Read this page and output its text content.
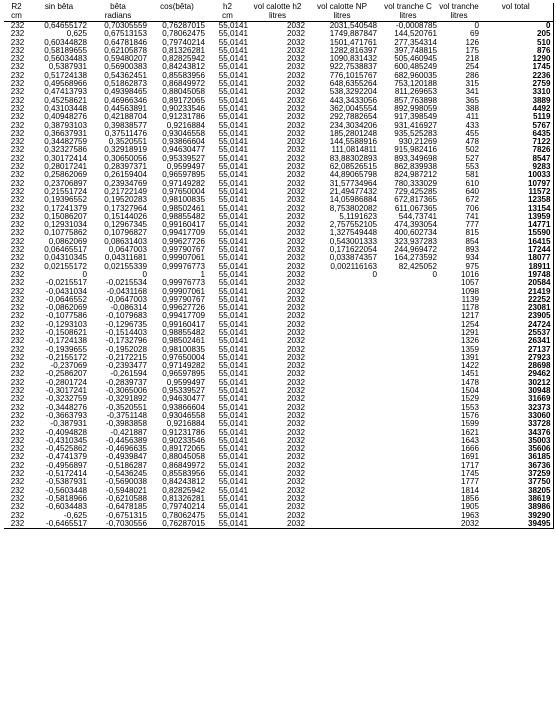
R2	sin bêta	bêta	cos(bêta)	h2	vol calotte h2	vol calotte NP	vol tranche C	vol tranche	vol total
cm		radians		cm	litres	litres	litres	litres	
232	0,64655172	0,70305559	0,76287015	55,0141	2032	2031,540548	-0,0008785	0	0
232	0,625	0,67513153	0,78062475	55,0141	2032	1749,887847	144,520761	69	205
232	0,60344828	0,64781846	0,79740214	55,0141	2032	1501,471761	277,354314	126	510
232	0,58189655	0,62105878	0,81326281	55,0141	2032	1282,816397	397,748815	175	876
232	0,56034483	0,59480207	0,82825942	55,0141	2032	1090,831432	505,460945	218	1290
232	0,5387931	0,56900383	0,84243812	55,0141	2032	922,7538837	600,485249	254	1745
232	0,51724138	0,54362451	0,85583956	55,0141	2032	776,1015767	682,960035	286	2236
232	0,49568966	0,51862873	0,86849972	55,0141	2032	648,6355264	753,120188	315	2759
232	0,47413793	0,49398465	0,88045058	55,0141	2032	538,3292204	811,269653	341	3310
232	0,45258621	0,46966346	0,89172065	55,0141	2032	443,3433056	857,763898	365	3889
232	0,43103448	0,44563891	0,90233546	55,0141	2032	362,0045554	892,998059	388	4492
232	0,40948276	0,42188704	0,91231786	55,0141	2032	292,7882654	917,398549	411	5119
232	0,38793103	0,39838577	0,9216884	55,0141	2032	234,3034206	931,416927	433	5767
232	0,36637931	0,37511476	0,93046558	55,0141	2032	185,2801248	935,525283	455	6435
232	0,34482759	0,3520551	0,93866604	55,0141	2032	144,5588916	930,21269	478	7122
232	0,32327586	0,32918919	0,94630477	55,0141	2032	111,0814811	915,982416	502	7826
232	0,30172414	0,30650056	0,95339527	55,0141	2032	83,88302893	893,349698	527	8547
232	0,28017241	0,28397371	0,9599497	55,0141	2032	62,08526515	862,839938	553	9283
232	0,25862069	0,26159404	0,96597895	55,0141	2032	44,89065798	824,987212	581	10033
232	0,23706897	0,23934769	0,97149282	55,0141	2032	31,57734964	780,333029	610	10797
232	0,21551724	0,21722149	0,97650004	55,0141	2032	21,49477432	729,425285	640	11572
232	0,19396552	0,19520283	0,98100835	55,0141	2032	14,05986884	672,817365	672	12358
232	0,17241379	0,17327964	0,98502461	55,0141	2032	8,753802082	611,067365	706	13154
232	0,15086207	0,15144026	0,98855482	55,0141	2032	5,1191623	544,73741	741	13959
232	0,12931034	0,12967345	0,99160417	55,0141	2032	2,757552105	474,393054	777	14771
232	0,10775862	0,10796827	0,99417709	55,0141	2032	1,327549448	400,602734	815	15590
232	0,0862069	0,08631403	0,99627726	55,0141	2032	0,543001333	323,937283	854	16415
232	0,06465517	0,0647003	0,99790767	55,0141	2032	0,171622054	244,969472	893	17244
232	0,04310345	0,04311681	0,99907061	55,0141	2032	0,033874357	164,273592	934	18077
232	0,02155172	0,02155339	0,99976773	55,0141	2032	0,002116163	82,425052	975	18911
232	0	0	1	55,0141	2032	0	0	1016	19748
232	-0,0215517	-0,0215534	0,99976773	55,0141	2032			1057	20584
232	-0,0431034	-0,0431168	0,99907061	55,0141	2032			1098	21419
232	-0,0646552	-0,0647003	0,99790767	55,0141	2032			1139	22252
232	-0,0862069	-0,086314	0,99627726	55,0141	2032			1178	23081
232	-0,1077586	-0,1079683	0,99417709	55,0141	2032			1217	23905
232	-0,1293103	-0,1296735	0,99160417	55,0141	2032			1254	24724
232	-0,1508621	-0,1514403	0,98855482	55,0141	2032			1291	25537
232	-0,1724138	-0,1732796	0,98502461	55,0141	2032			1326	26341
232	-0,1939655	-0,1952028	0,98100835	55,0141	2032			1359	27137
232	-0,2155172	-0,2172215	0,97650004	55,0141	2032			1391	27923
232	-0,237069	-0,2393477	0,97149282	55,0141	2032			1422	28698
232	-0,2586207	-0,261594	0,96597895	55,0141	2032			1451	29462
232	-0,2801724	-0,2839737	0,9599497	55,0141	2032			1478	30212
232	-0,3017241	-0,3065006	0,95339527	55,0141	2032			1504	30948
232	-0,3232759	-0,3291892	0,94630477	55,0141	2032			1529	31669
232	-0,3448276	-0,3520551	0,93866604	55,0141	2032			1553	32373
232	-0,3663793	-0,3751148	0,93046558	55,0141	2032			1576	33060
232	-0,387931	-0,3983858	0,9216884	55,0141	2032			1599	33728
232	-0,4094828	-0,421887	0,91231786	55,0141	2032			1621	34376
232	-0,4310345	-0,4456389	0,90233546	55,0141	2032			1643	35003
232	-0,4525862	-0,4696635	0,89172065	55,0141	2032			1666	35606
232	-0,4741379	-0,4939847	0,88045058	55,0141	2032			1691	36185
232	-0,4956897	-0,5186287	0,86849972	55,0141	2032			1717	36736
232	-0,5172414	-0,5436245	0,85583956	55,0141	2032			1745	37259
232	-0,5387931	-0,5690038	0,84243812	55,0141	2032			1777	37750
232	-0,5603448	-0,5948021	0,82825942	55,0141	2032			1814	38205
232	-0,5818966	-0,6210588	0,81326281	55,0141	2032			1856	38619
232	-0,6034483	-0,6478185	0,79740214	55,0141	2032			1905	38986
232	-0,625	-0,6751315	0,78062475	55,0141	2032			1963	39290
232	-0,6465517	-0,7030556	0,76287015	55,0141	2032			2032	39495
